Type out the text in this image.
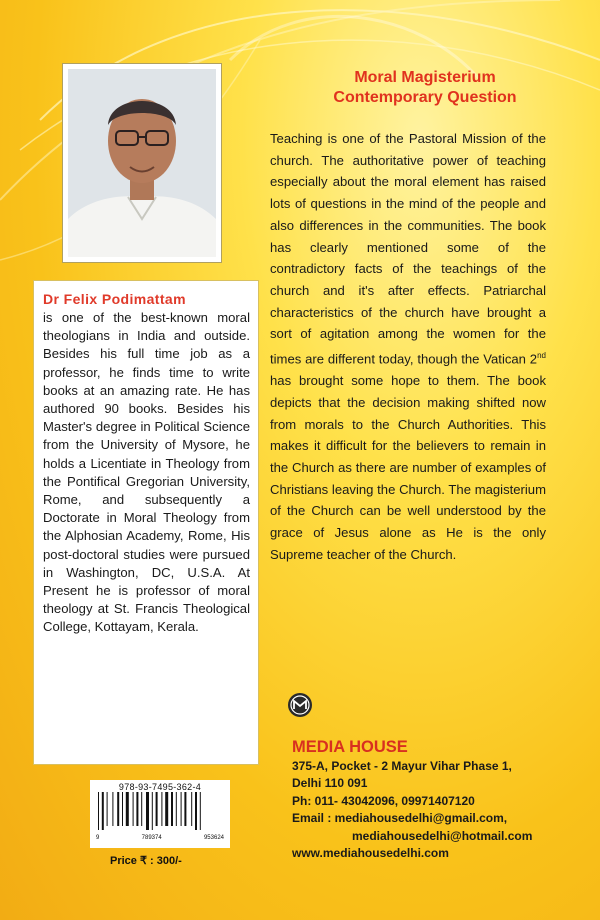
Dr Felix Podimattam
is one of the best-known moral theologians in India and outside. Besides his full time job as a professor, he finds time to write books at an amazing rate. He has authored 90 books. Besides his Master's degree in Political Science from the University of Mysore, he holds a Licentiate in Theology from the Pontifical Gregorian University, Rome, and subsequently a Doctorate in Moral Theology from the Alphosian Academy, Rome, His post-doctoral studies were pursued in Washington, DC, U.S.A. At Present he is professor of moral theology at St. Francis Theological College, Kottayam, Kerala.
978-93-7495-362-4
9	789374	953624
Price ₹ : 300/-
Moral Magisterium
Contemporary Question
Teaching is one of the Pastoral Mission of the church. The authoritative power of teaching especially about the moral element has raised lots of questions in the mind of the people and also differences in the communities. The book has clearly mentioned some of the contradictory facts of the teachings of the church and it's after effects. Patriarchal characteristics of the church have brought a sort of agitation among the women for the times are different today, though the Vatican 2nd has brought some hope to them. The book depicts that the decision making shifted now from morals to the Church Authorities. This makes it difficult for the believers to remain in the Church as there are number of examples of Christians leaving the Church. The magisterium of the Church can be well understood by the grace of Jesus alone as He is the only Supreme teacher of the Church.
MEDIA HOUSE
375-A, Pocket - 2 Mayur Vihar Phase 1,
Delhi 110 091
Ph: 011- 43042096, 09971407120
Email : mediahousedelhi@gmail.com,
mediahousedelhi@hotmail.com
www.mediahousedelhi.com
